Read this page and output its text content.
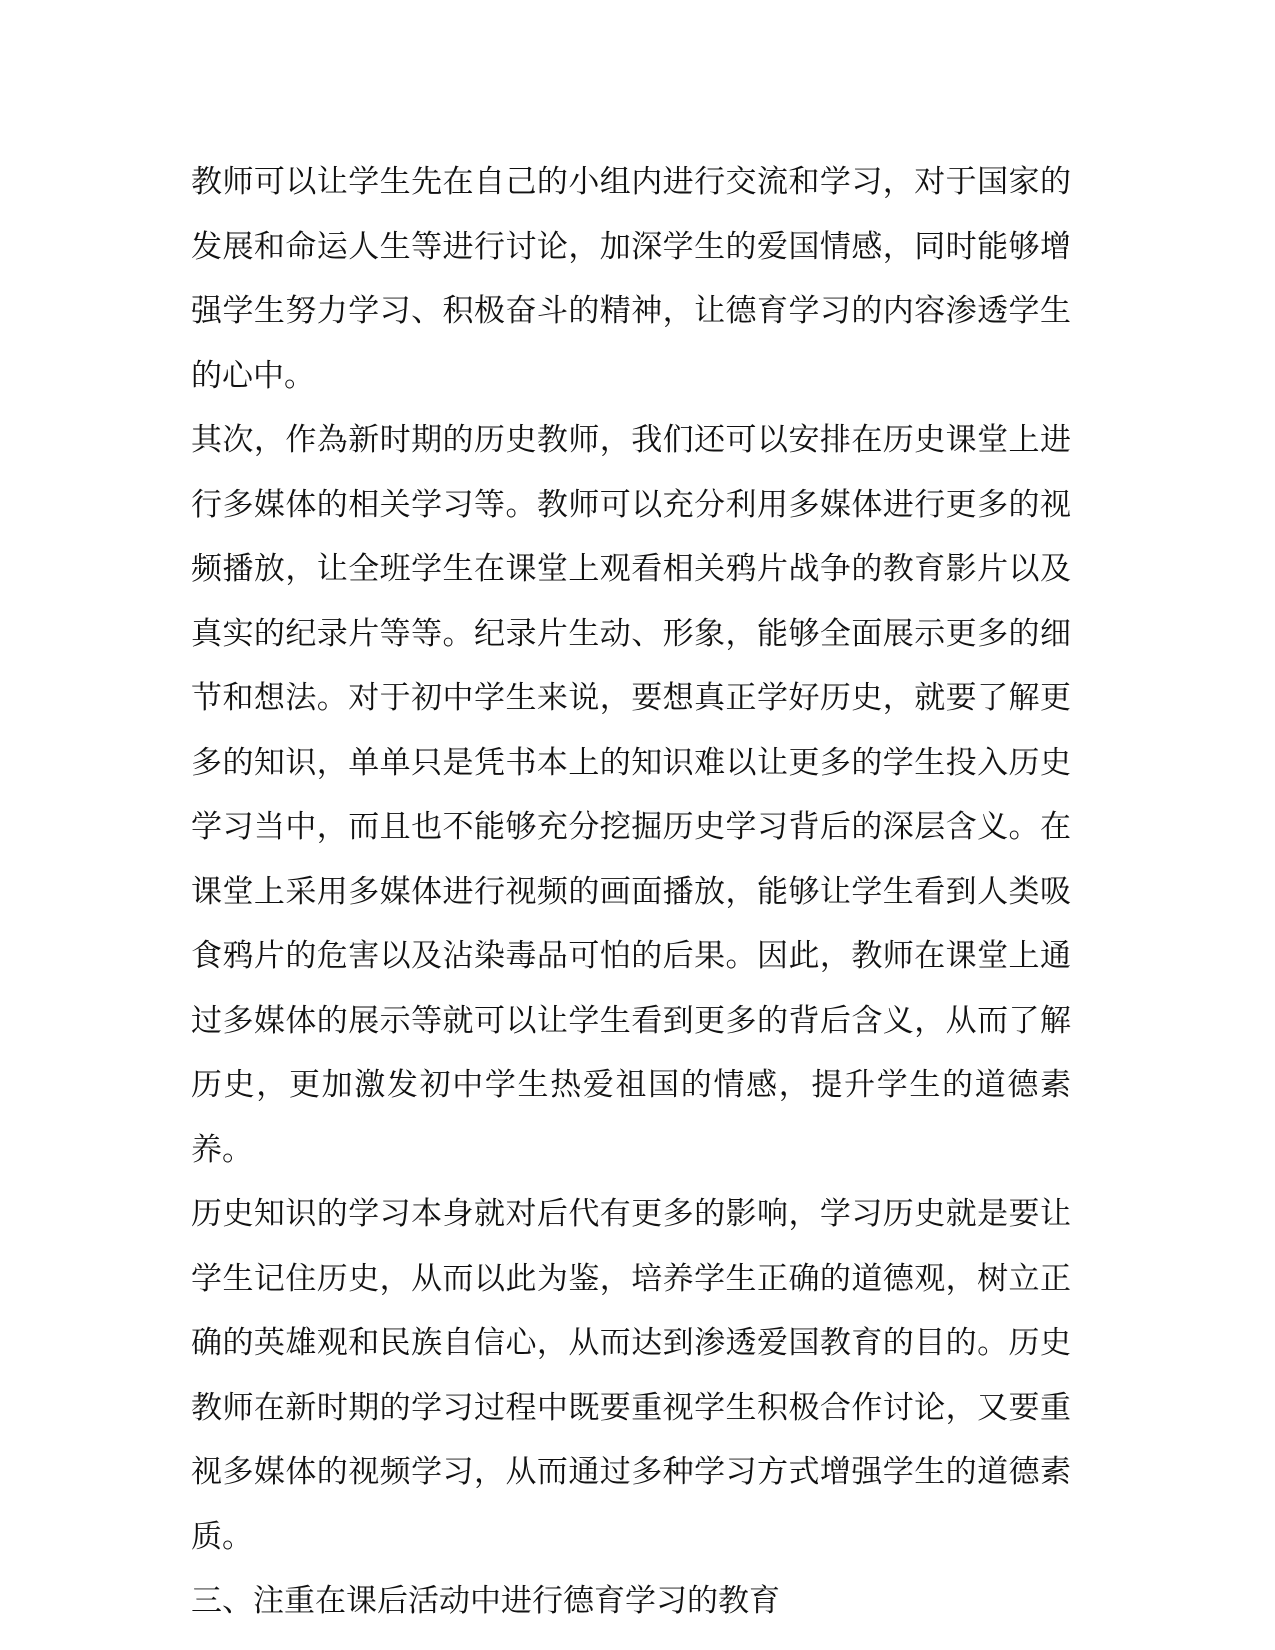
教师可以让学生先在自己的小组内进行交流和学习，对于国家的发展和命运人生等进行讨论，加深学生的爱国情感，同时能够增强学生努力学习、积极奋斗的精神，让德育学习的内容渗透学生的心中。

其次，作為新时期的历史教师，我们还可以安排在历史课堂上进行多媒体的相关学习等。教师可以充分利用多媒体进行更多的视频播放，让全班学生在课堂上观看相关鸦片战争的教育影片以及真实的纪录片等等。纪录片生动、形象，能够全面展示更多的细节和想法。对于初中学生来说，要想真正学好历史，就要了解更多的知识，单单只是凭书本上的知识难以让更多的学生投入历史学习当中，而且也不能够充分挖掘历史学习背后的深层含义。在课堂上采用多媒体进行视频的画面播放，能够让学生看到人类吸食鸦片的危害以及沾染毒品可怕的后果。因此，教师在课堂上通过多媒体的展示等就可以让学生看到更多的背后含义，从而了解历史，更加激发初中学生热爱祖国的情感，提升学生的道德素养。

历史知识的学习本身就对后代有更多的影响，学习历史就是要让学生记住历史，从而以此为鉴，培养学生正确的道德观，树立正确的英雄观和民族自信心，从而达到渗透爱国教育的目的。历史教师在新时期的学习过程中既要重视学生积极合作讨论，又要重视多媒体的视频学习，从而通过多种学习方式增强学生的道德素质。

三、注重在课后活动中进行德育学习的教育
